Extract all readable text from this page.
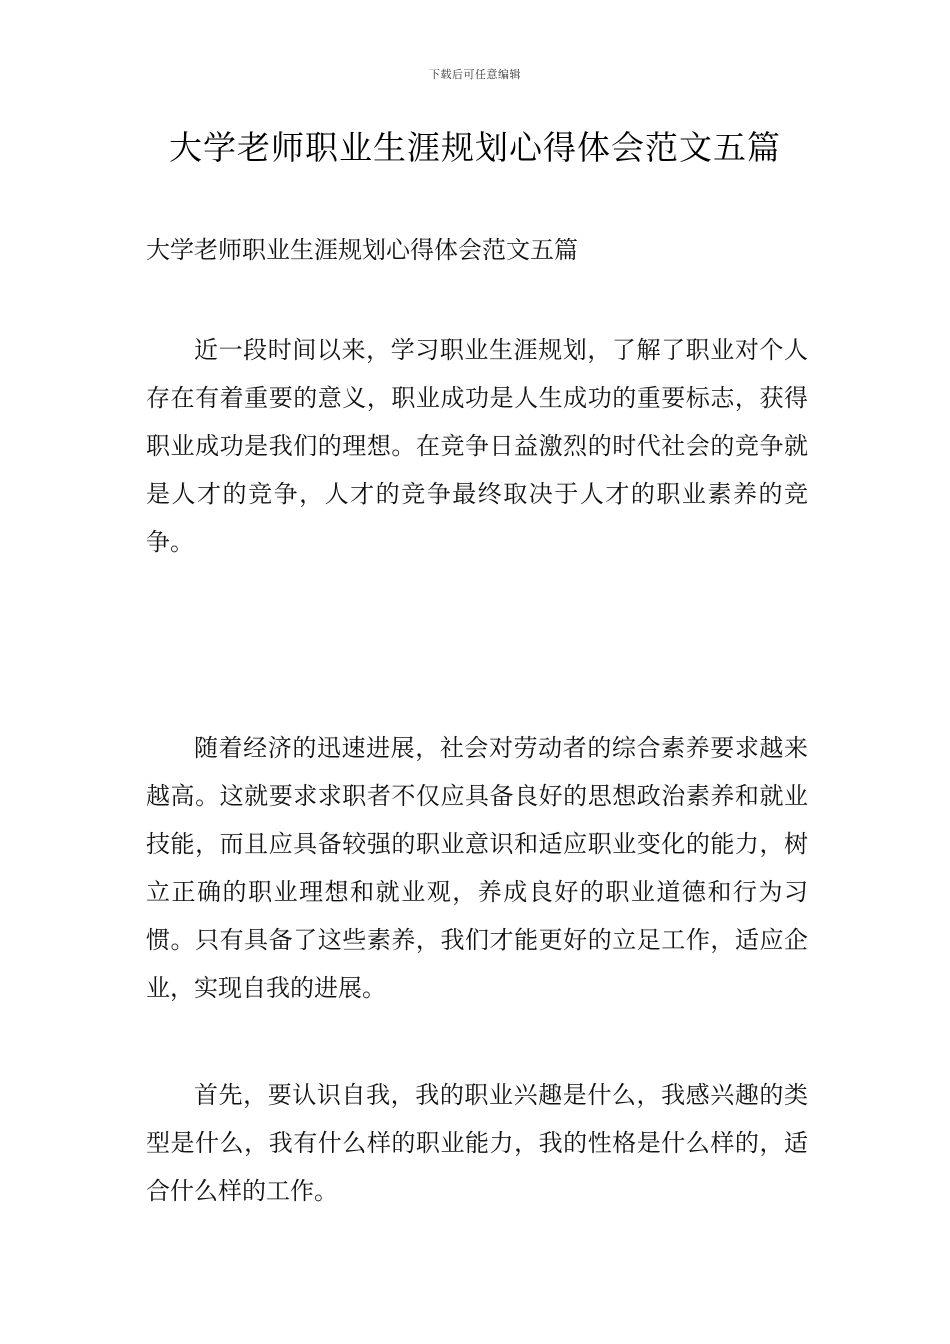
下载后可任意编辑
大学老师职业生涯规划心得体会范文五篇

大学老师职业生涯规划心得体会范文五篇

近一段时间以来，学习职业生涯规划，了解了职业对个人存在有着重要的意义，职业成功是人生成功的重要标志，获得职业成功是我们的理想。在竞争日益激烈的时代社会的竞争就是人才的竞争，人才的竞争最终取决于人才的职业素养的竞争。

随着经济的迅速进展，社会对劳动者的综合素养要求越来越高。这就要求求职者不仅应具备良好的思想政治素养和就业技能，而且应具备较强的职业意识和适应职业变化的能力，树立正确的职业理想和就业观，养成良好的职业道德和行为习惯。只有具备了这些素养，我们才能更好的立足工作，适应企业，实现自我的进展。

首先，要认识自我，我的职业兴趣是什么，我感兴趣的类型是什么，我有什么样的职业能力，我的性格是什么样的，适合什么样的工作。
